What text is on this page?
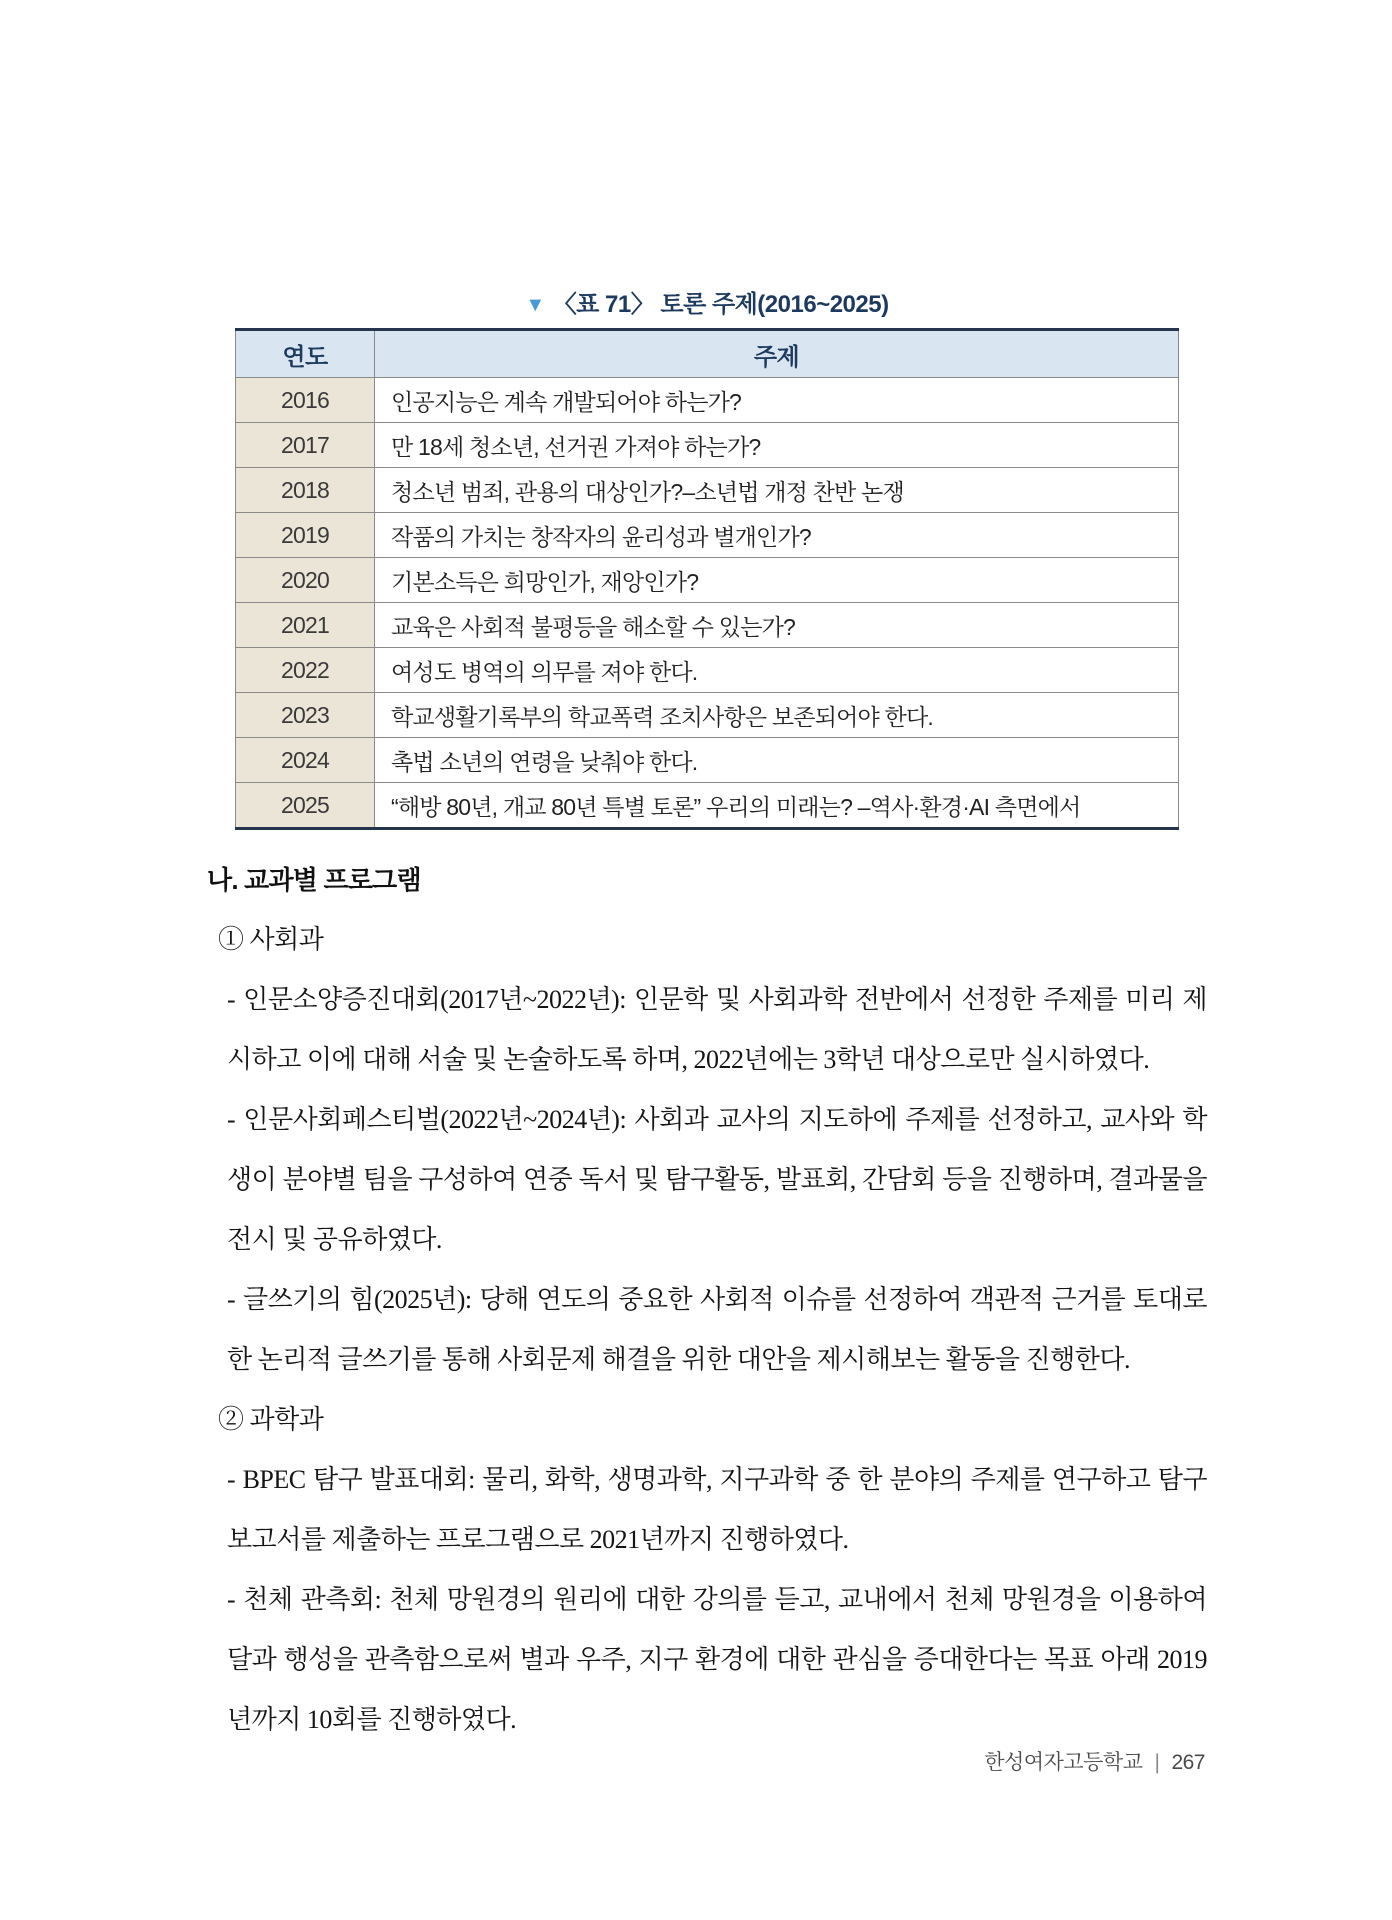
▼ 〈표 71〉 토론 주제(2016~2025)
연도	주제
2016	인공지능은 계속 개발되어야 하는가?
2017	만 18세 청소년, 선거권 가져야 하는가?
2018	청소년 범죄, 관용의 대상인가?–소년법 개정 찬반 논쟁
2019	작품의 가치는 창작자의 윤리성과 별개인가?
2020	기본소득은 희망인가, 재앙인가?
2021	교육은 사회적 불평등을 해소할 수 있는가?
2022	여성도 병역의 의무를 져야 한다.
2023	학교생활기록부의 학교폭력 조치사항은 보존되어야 한다.
2024	촉법 소년의 연령을 낮춰야 한다.
2025	“해방 80년, 개교 80년 특별 토론” 우리의 미래는? –역사·환경·AI 측면에서
나. 교과별 프로그램
① 사회과
- 인문소양증진대회(2017년~2022년): 인문학 및 사회과학 전반에서 선정한 주제를 미리 제시하고 이에 대해 서술 및 논술하도록 하며, 2022년에는 3학년 대상으로만 실시하였다.
- 인문사회페스티벌(2022년~2024년): 사회과 교사의 지도하에 주제를 선정하고, 교사와 학생이 분야별 팀을 구성하여 연중 독서 및 탐구활동, 발표회, 간담회 등을 진행하며, 결과물을 전시 및 공유하였다.
- 글쓰기의 힘(2025년): 당해 연도의 중요한 사회적 이슈를 선정하여 객관적 근거를 토대로 한 논리적 글쓰기를 통해 사회문제 해결을 위한 대안을 제시해보는 활동을 진행한다.
② 과학과
- BPEC 탐구 발표대회: 물리, 화학, 생명과학, 지구과학 중 한 분야의 주제를 연구하고 탐구보고서를 제출하는 프로그램으로 2021년까지 진행하였다.
- 천체 관측회: 천체 망원경의 원리에 대한 강의를 듣고, 교내에서 천체 망원경을 이용하여 달과 행성을 관측함으로써 별과 우주, 지구 환경에 대한 관심을 증대한다는 목표 아래 2019년까지 10회를 진행하였다.
한성여자고등학교 | 267
